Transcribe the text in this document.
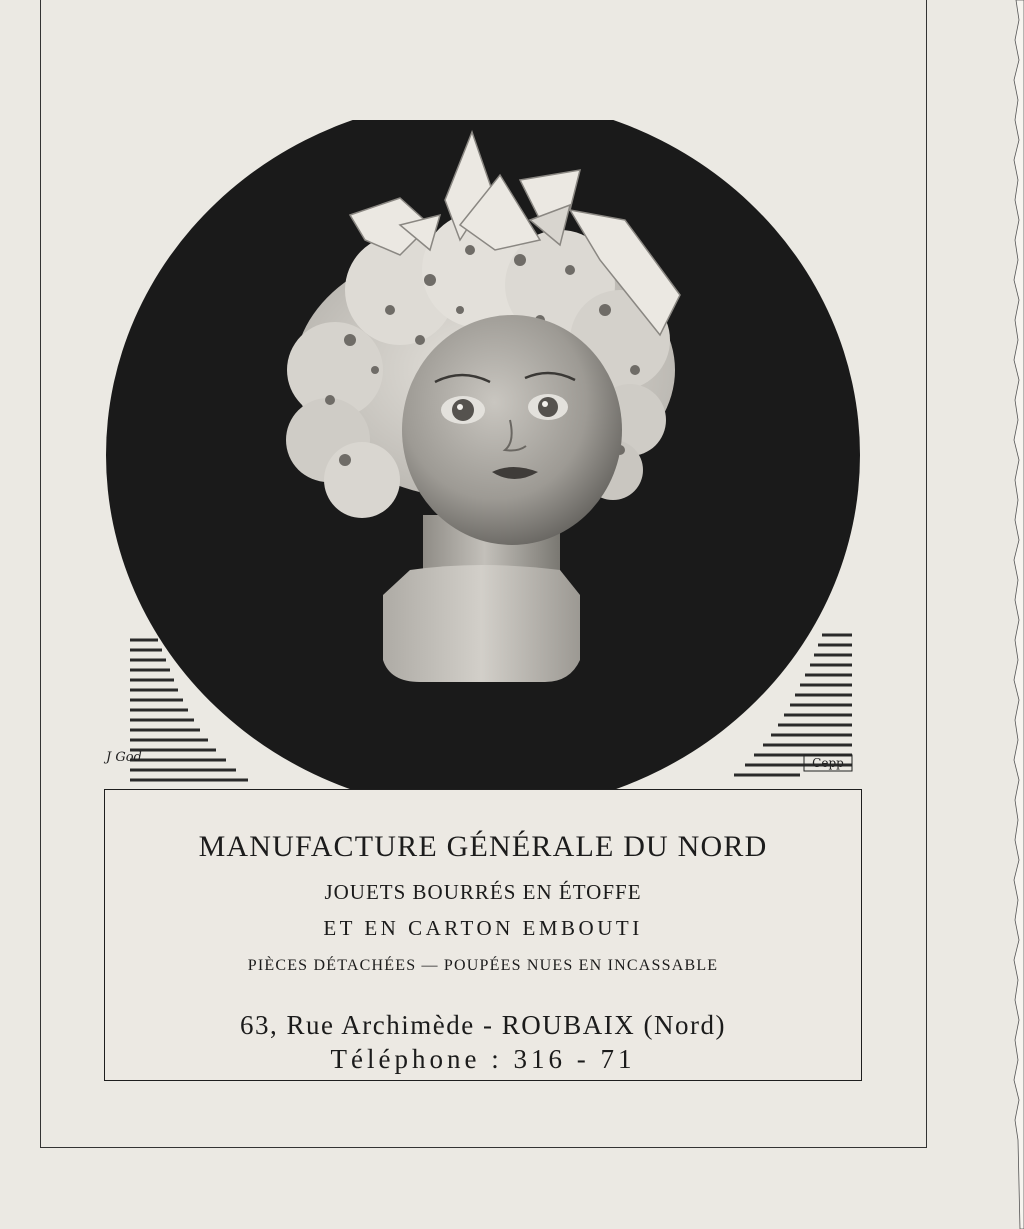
J God	Cepp
MANUFACTURE GÉNÉRALE DU NORD
JOUETS BOURRÉS EN ÉTOFFE
ET EN CARTON EMBOUTI
PIÈCES DÉTACHÉES — POUPÉES NUES EN INCASSABLE
63, Rue Archimède - ROUBAIX (Nord)
Téléphone : 316 - 71
